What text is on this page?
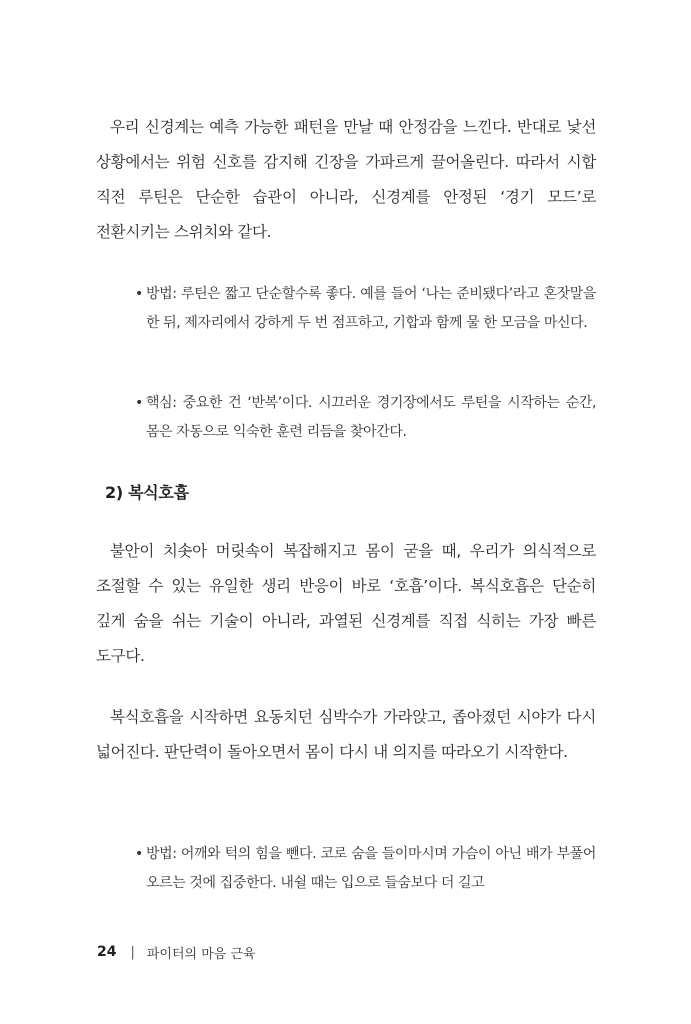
우리 신경계는 예측 가능한 패턴을 만날 때 안정감을 느낀다. 반대로 낯선 상황에서는 위험 신호를 감지해 긴장을 가파르게 끌어올린다. 따라서 시합 직전 루틴은 단순한 습관이 아니라, 신경계를 안정된 ‘경기 모드’로 전환시키는 스위치와 같다.

• 방법: 루틴은 짧고 단순할수록 좋다. 예를 들어 ‘나는 준비됐다’라고 혼잣말을 한 뒤, 제자리에서 강하게 두 번 점프하고, 기합과 함께 물 한 모금을 마신다.

• 핵심: 중요한 건 ‘반복’이다. 시끄러운 경기장에서도 루틴을 시작하는 순간, 몸은 자동으로 익숙한 훈련 리듬을 찾아간다.

2) 복식호흡

불안이 치솟아 머릿속이 복잡해지고 몸이 굳을 때, 우리가 의식적으로 조절할 수 있는 유일한 생리 반응이 바로 ‘호흡’이다. 복식호흡은 단순히 깊게 숨을 쉬는 기술이 아니라, 과열된 신경계를 직접 식히는 가장 빠른 도구다.

복식호흡을 시작하면 요동치던 심박수가 가라앉고, 좁아졌던 시야가 다시 넓어진다. 판단력이 돌아오면서 몸이 다시 내 의지를 따라오기 시작한다.

• 방법: 어깨와 턱의 힘을 뺀다. 코로 숨을 들이마시며 가슴이 아닌 배가 부풀어 오르는 것에 집중한다. 내쉴 때는 입으로 들숨보다 더 길고

24 | 파이터의 마음 근육
